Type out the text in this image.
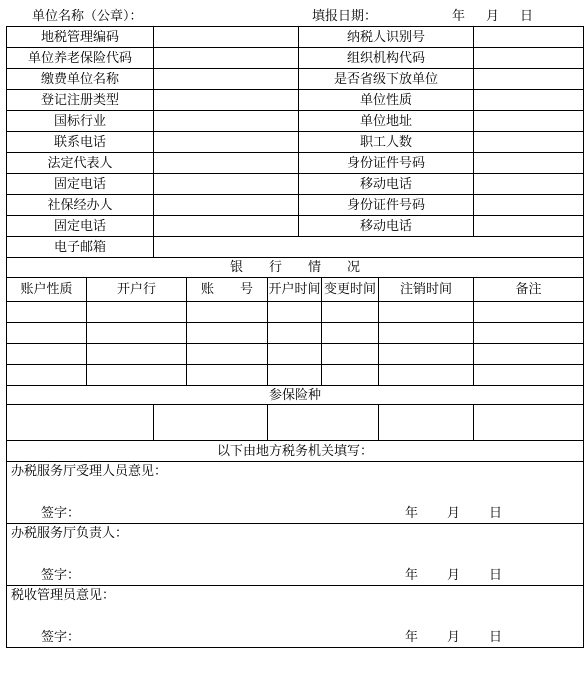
单位名称（公章）：	填报日期：	年 月 日
地税管理编码					纳税人识别号			
单位养老保险代码					组织机构代码			
缴费单位名称					是否省级下放单位			
登记注册类型					单位性质			
国标行业					单位地址			
联系电话					职工人数			
法定代表人					身份证件号码			
固定电话					移动电话			
社保经办人					身份证件号码			
固定电话					移动电话			
电子邮箱								
银　　行　　情　　况								
账户性质	开户行		账　　号	开户时间		变更时间	注销时间	备注

参保险种								

以下由地方税务机关填写：								

办税服务厅受理人员意见：
签字： 年 月 日								

办税服务厅负责人：
签字： 年 月 日								

税收管理员意见：
签字： 年 月 日								
